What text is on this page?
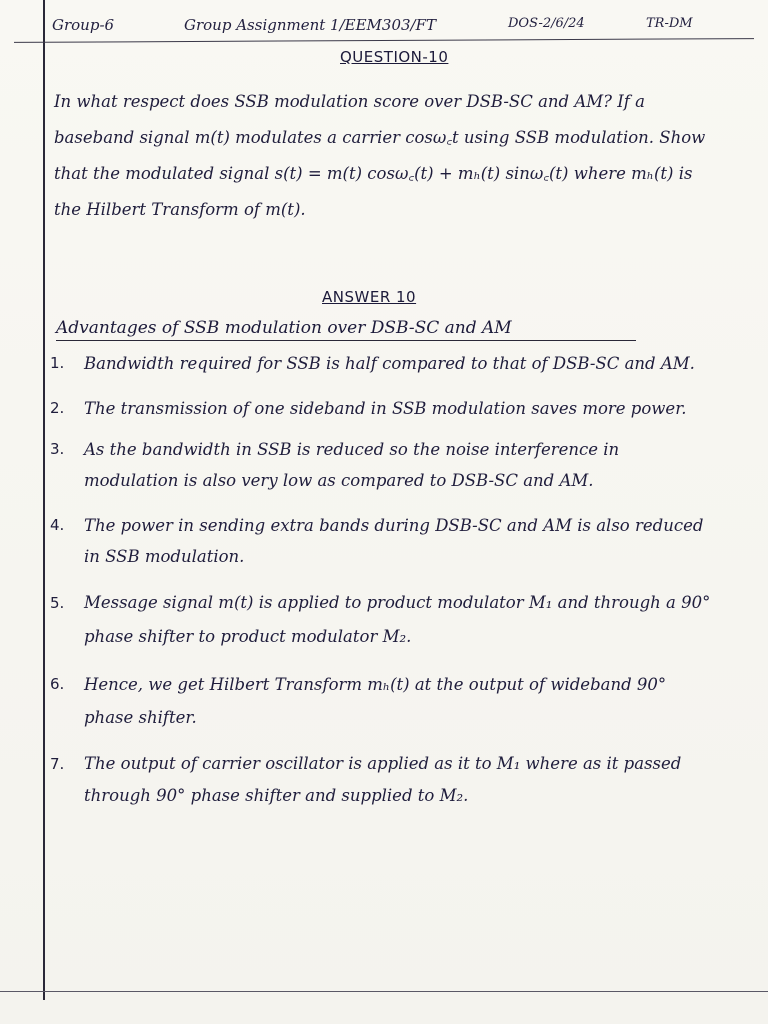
Group-6	Group Assignment 1/EEM303/FT	DOS-2/6/24	TR-DM
QUESTION-10
In what respect does SSB modulation score over DSB-SC and AM? If a baseband signal m(t) modulates a carrier cosω꜀t using SSB modulation. Show that the modulated signal s(t) = m(t) cosω꜀(t) + mₕ(t) sinω꜀(t) where mₕ(t) is the Hilbert Transform of m(t).
ANSWER 10
Advantages of SSB modulation over DSB-SC and AM
1. Bandwidth required for SSB is half compared to that of DSB-SC and AM.
2. The transmission of one sideband in SSB modulation saves more power.
3. As the bandwidth in SSB is reduced so the noise interference in modulation is also very low as compared to DSB-SC and AM.
4. The power in sending extra bands during DSB-SC and AM is also reduced in SSB modulation.
5. Message signal m(t) is applied to product modulator M₁ and through a 90° phase shifter to product modulator M₂.
6. Hence, we get Hilbert Transform mₕ(t) at the output of wideband 90° phase shifter.
7. The output of carrier oscillator is applied as it to M₁ where as it passed through 90° phase shifter and supplied to M₂.
